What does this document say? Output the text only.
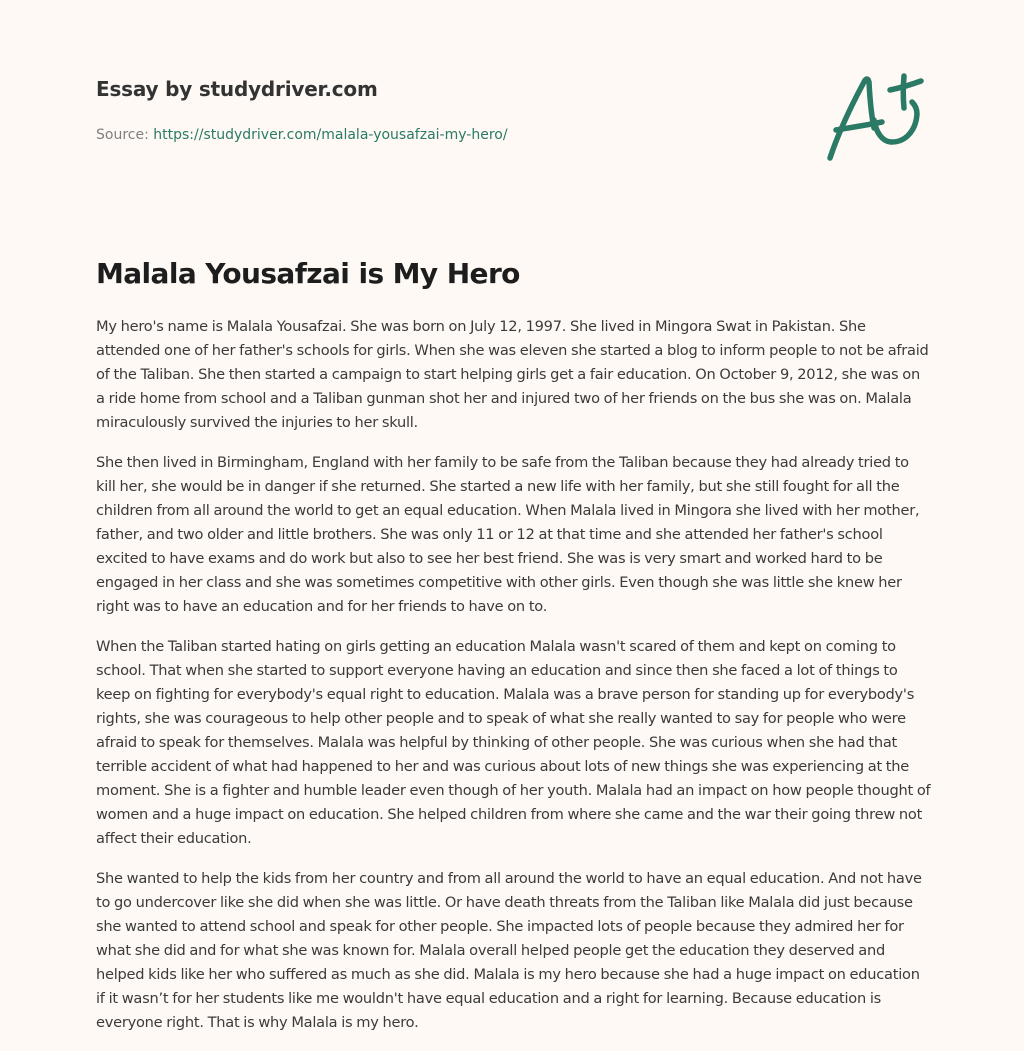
Essay by studydriver.com
Source: https://studydriver.com/malala-yousafzai-my-hero/
Malala Yousafzai is My Hero

My hero's name is Malala Yousafzai. She was born on July 12, 1997. She lived in Mingora Swat in Pakistan. She attended one of her father's schools for girls. When she was eleven she started a blog to inform people to not be afraid of the Taliban. She then started a campaign to start helping girls get a fair education. On October 9, 2012, she was on a ride home from school and a Taliban gunman shot her and injured two of her friends on the bus she was on. Malala miraculously survived the injuries to her skull.

She then lived in Birmingham, England with her family to be safe from the Taliban because they had already tried to kill her, she would be in danger if she returned. She started a new life with her family, but she still fought for all the children from all around the world to get an equal education. When Malala lived in Mingora she lived with her mother, father, and two older and little brothers. She was only 11 or 12 at that time and she attended her father's school excited to have exams and do work but also to see her best friend. She was is very smart and worked hard to be engaged in her class and she was sometimes competitive with other girls. Even though she was little she knew her right was to have an education and for her friends to have on to.

When the Taliban started hating on girls getting an education Malala wasn't scared of them and kept on coming to school. That when she started to support everyone having an education and since then she faced a lot of things to keep on fighting for everybody's equal right to education. Malala was a brave person for standing up for everybody's rights, she was courageous to help other people and to speak of what she really wanted to say for people who were afraid to speak for themselves. Malala was helpful by thinking of other people. She was curious when she had that terrible accident of what had happened to her and was curious about lots of new things she was experiencing at the moment. She is a fighter and humble leader even though of her youth. Malala had an impact on how people thought of women and a huge impact on education. She helped children from where she came and the war their going threw not affect their education.

She wanted to help the kids from her country and from all around the world to have an equal education. And not have to go undercover like she did when she was little. Or have death threats from the Taliban like Malala did just because she wanted to attend school and speak for other people. She impacted lots of people because they admired her for what she did and for what she was known for. Malala overall helped people get the education they deserved and helped kids like her who suffered as much as she did. Malala is my hero because she had a huge impact on education if it wasn’t for her students like me wouldn't have equal education and a right for learning. Because education is everyone right. That is why Malala is my hero.
